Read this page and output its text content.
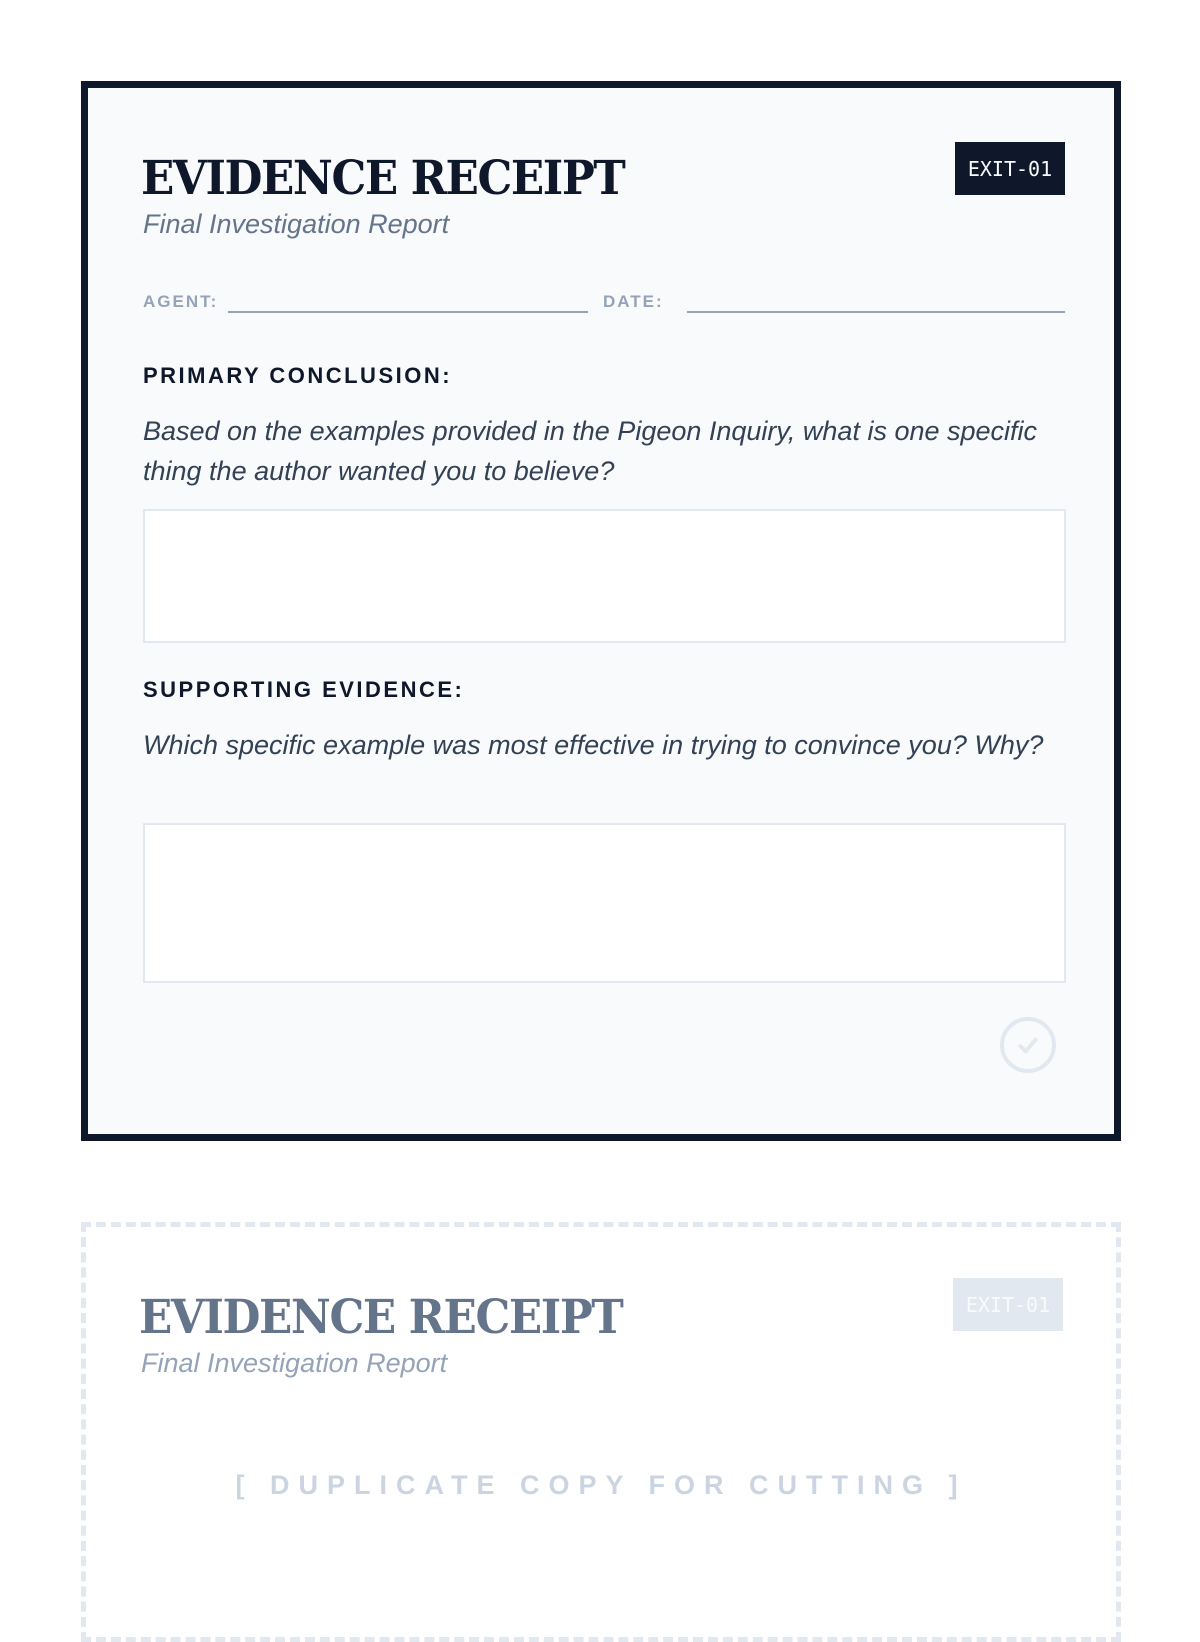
EVIDENCE RECEIPT
Final Investigation Report
EXIT-01
AGENT:	DATE:
PRIMARY CONCLUSION:
Based on the examples provided in the Pigeon Inquiry, what is one specific thing the author wanted you to believe?
SUPPORTING EVIDENCE:
Which specific example was most effective in trying to convince you? Why?
EVIDENCE RECEIPT
Final Investigation Report
EXIT-01
[ DUPLICATE COPY FOR CUTTING ]
